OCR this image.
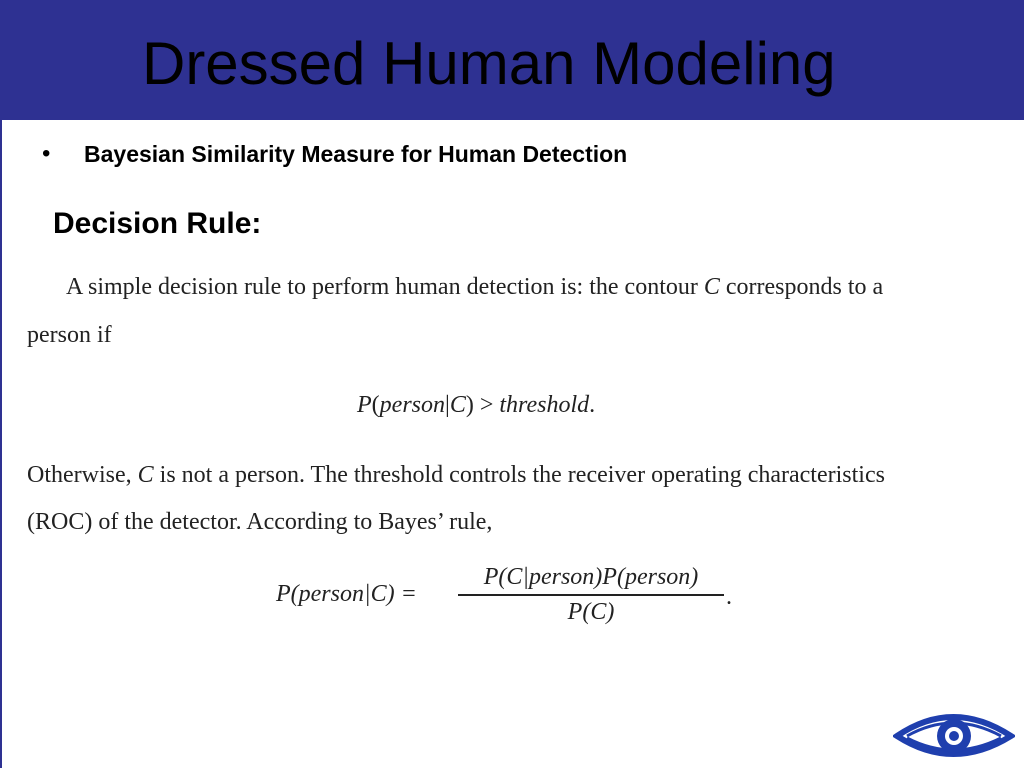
Dressed Human Modeling
• Bayesian Similarity Measure for Human Detection
Decision Rule:
A simple decision rule to perform human detection is: the contour C corresponds to a
person if
P(person|C) > threshold.
Otherwise, C is not a person. The threshold controls the receiver operating characteristics
(ROC) of the detector. According to Bayes’ rule,
P(person|C) =
P(C|person)P(person)
P(C)
.
